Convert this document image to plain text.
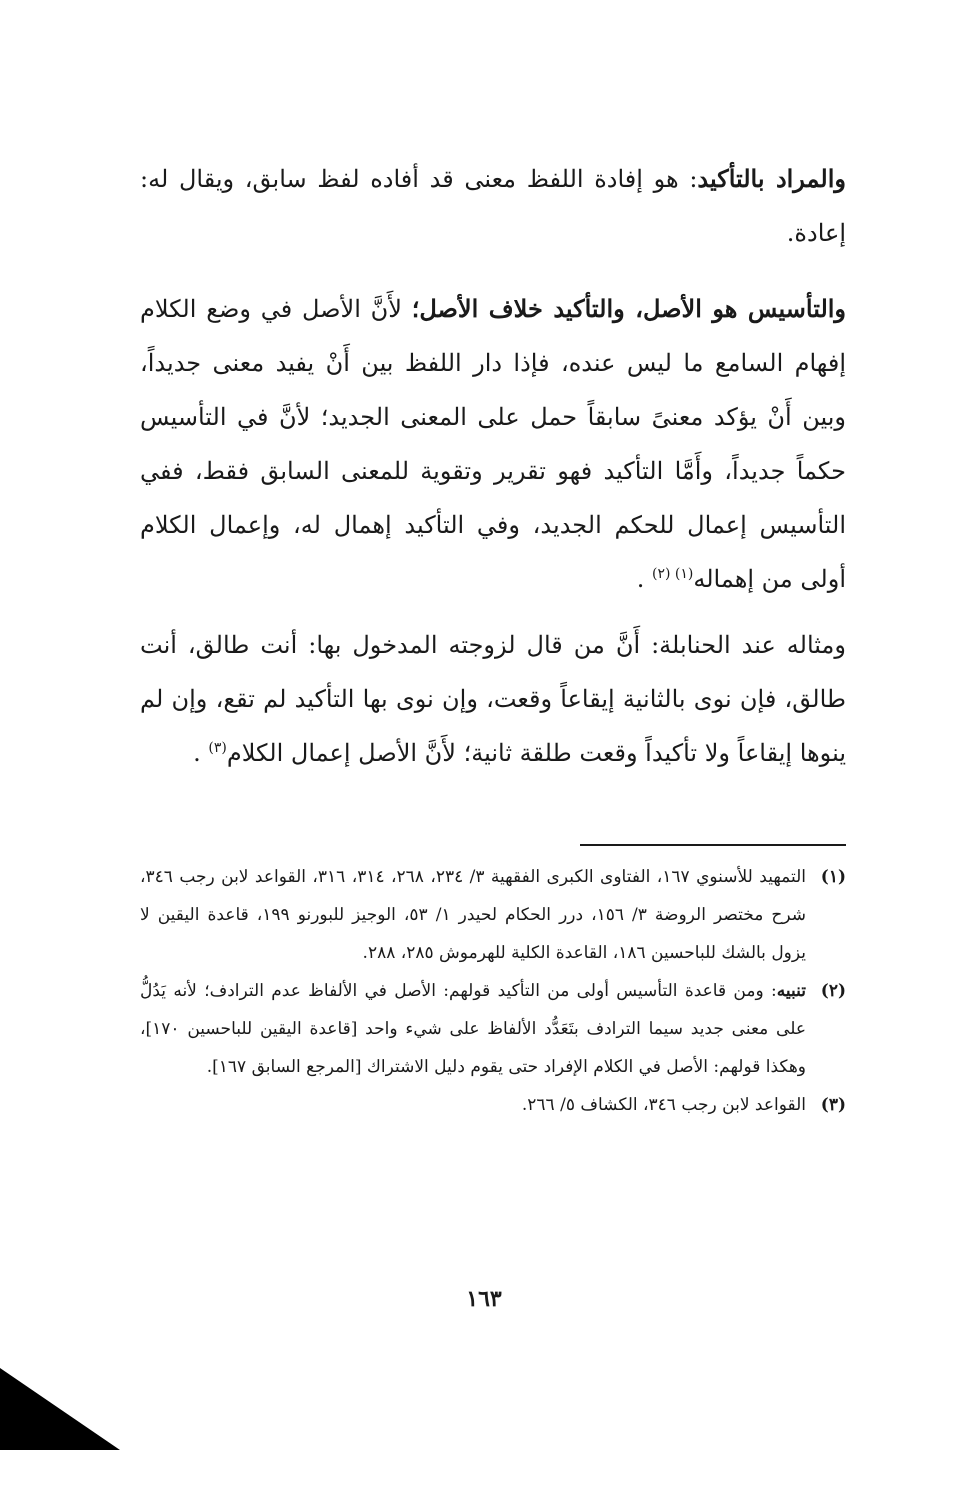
والمراد بالتأكيد: هو إفادة اللفظ معنى قد أفاده لفظ سابق، ويقال له: إعادة.

والتأسيس هو الأصل، والتأكيد خلاف الأصل؛ لأَنَّ الأصل في وضع الكلام إفهام السامع ما ليس عنده، فإذا دار اللفظ بين أَنْ يفيد معنى جديداً، وبين أَنْ يؤكد معنىً سابقاً حمل على المعنى الجديد؛ لأنَّ في التأسيس حكماً جديداً، وأَمَّا التأكيد فهو تقرير وتقوية للمعنى السابق فقط، ففي التأسيس إعمال للحكم الجديد، وفي التأكيد إهمال له، وإعمال الكلام أولى من إهماله$^{(١) (٢)}$ .

ومثاله عند الحنابلة: أَنَّ من قال لزوجته المدخول بها: أنت طالق، أنت طالق، فإن نوى بالثانية إيقاعاً وقعت، وإن نوى بها التأكيد لم تقع، وإن لم ينوها إيقاعاً ولا تأكيداً وقعت طلقة ثانية؛ لأَنَّ الأصل إعمال الكلام$^{(٣)}$ .

(١)
التمهيد للأسنوي ١٦٧، الفتاوى الكبرى الفقهية ٣/ ٢٣٤، ٢٦٨، ٣١٤، ٣١٦، القواعد لابن رجب ٣٤٦، شرح مختصر الروضة ٣/ ١٥٦، درر الحكام لحيدر ١/ ٥٣، الوجيز للبورنو ١٩٩، قاعدة اليقين لا يزول بالشك للباحسين ١٨٦، القاعدة الكلية للهرموش ٢٨٥، ٢٨٨.
(٢)
تنبيه: ومن قاعدة التأسيس أولى من التأكيد قولهم: الأصل في الألفاظ عدم الترادف؛ لأنه يَدُلُّ على معنى جديد سيما الترادف بتَعَدُّد الألفاظ على شيء واحد [قاعدة اليقين للباحسين ١٧٠]، وهكذا قولهم: الأصل في الكلام الإفراد حتى يقوم دليل الاشتراك [المرجع السابق ١٦٧].
(٣)
القواعد لابن رجب ٣٤٦، الكشاف ٥/ ٢٦٦.
١٦٣
